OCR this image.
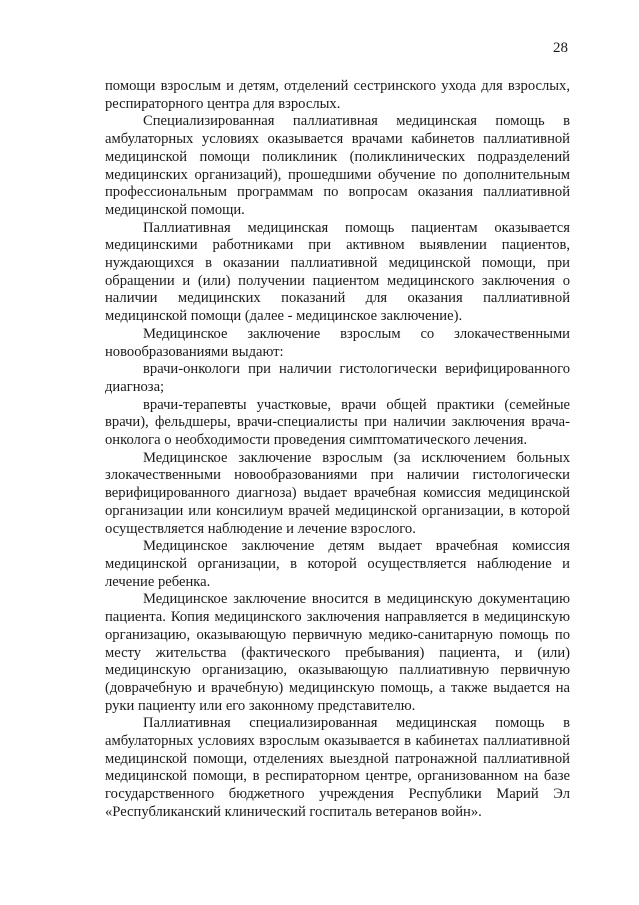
28

помощи взрослым и детям, отделений сестринского ухода для взрослых, респираторного центра для взрослых.

Специализированная паллиативная медицинская помощь в амбулаторных условиях оказывается врачами кабинетов паллиативной медицинской помощи поликлиник (поликлинических подразделений медицинских организаций), прошедшими обучение по дополнительным профессиональным программам по вопросам оказания паллиативной медицинской помощи.

Паллиативная медицинская помощь пациентам оказывается медицинскими работниками при активном выявлении пациентов, нуждающихся в оказании паллиативной медицинской помощи, при обращении и (или) получении пациентом медицинского заключения о наличии медицинских показаний для оказания паллиативной медицинской помощи (далее - медицинское заключение).

Медицинское заключение взрослым со злокачественными новообразованиями выдают:

врачи-онкологи при наличии гистологически верифицированного диагноза;

врачи-терапевты участковые, врачи общей практики (семейные врачи), фельдшеры, врачи-специалисты при наличии заключения врача-онколога о необходимости проведения симптоматического лечения.

Медицинское заключение взрослым (за исключением больных злокачественными новообразованиями при наличии гистологически верифицированного диагноза) выдает врачебная комиссия медицинской организации или консилиум врачей медицинской организации, в которой осуществляется наблюдение и лечение взрослого.

Медицинское заключение детям выдает врачебная комиссия медицинской организации, в которой осуществляется наблюдение и лечение ребенка.

Медицинское заключение вносится в медицинскую документацию пациента. Копия медицинского заключения направляется в медицинскую организацию, оказывающую первичную медико-санитарную помощь по месту жительства (фактического пребывания) пациента, и (или) медицинскую организацию, оказывающую паллиативную первичную (доврачебную и врачебную) медицинскую помощь, а также выдается на руки пациенту или его законному представителю.

Паллиативная специализированная медицинская помощь в амбулаторных условиях взрослым оказывается в кабинетах паллиативной медицинской помощи, отделениях выездной патронажной паллиативной медицинской помощи, в респираторном центре, организованном на базе государственного бюджетного учреждения Республики Марий Эл «Республиканский клинический госпиталь ветеранов войн».
